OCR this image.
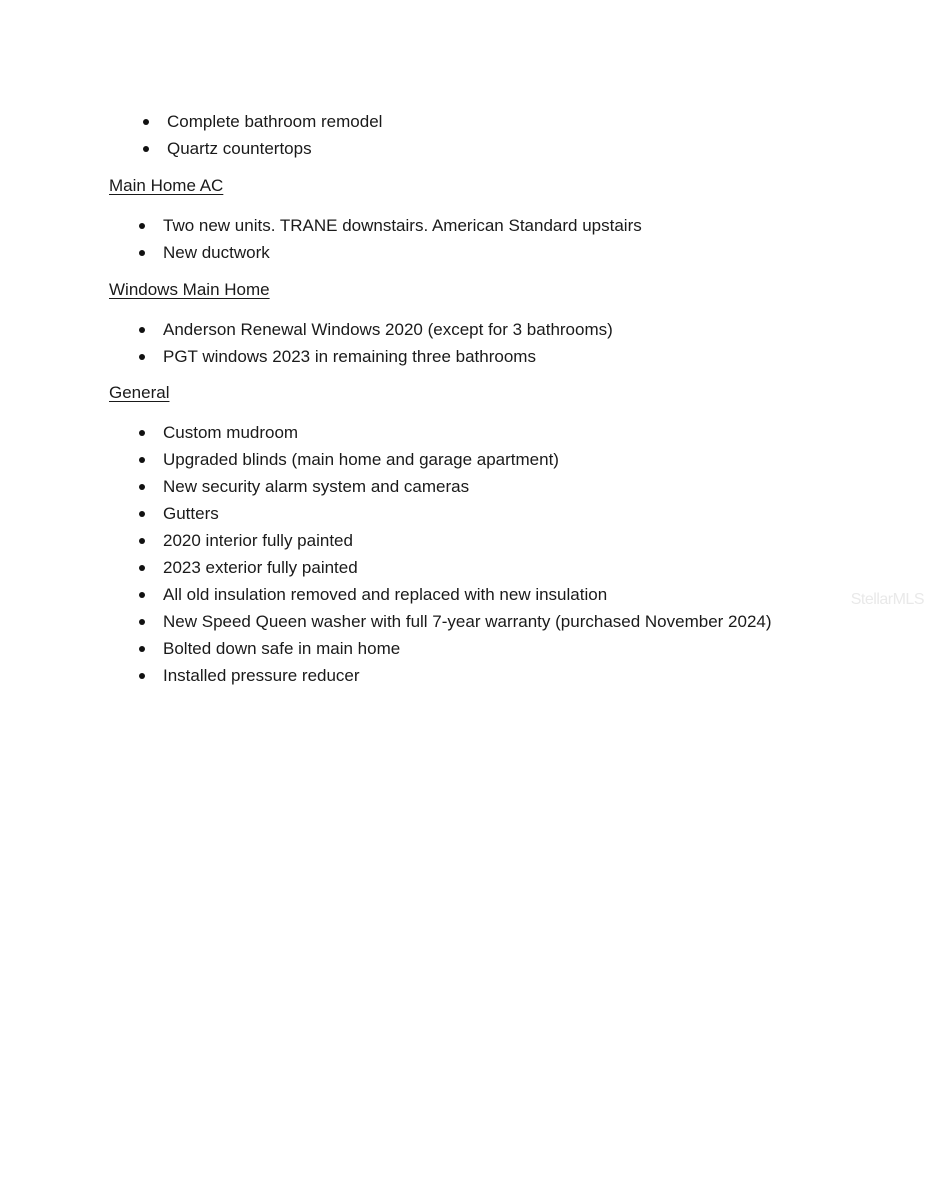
Complete bathroom remodel
Quartz countertops
Main Home AC
Two new units. TRANE downstairs. American Standard upstairs
New ductwork
Windows Main Home
Anderson Renewal Windows 2020 (except for 3 bathrooms)
PGT windows 2023 in remaining three bathrooms
General
Custom mudroom
Upgraded blinds (main home and garage apartment)
New security alarm system and cameras
Gutters
2020 interior fully painted
2023 exterior fully painted
All old insulation removed and replaced with new insulation
New Speed Queen washer with full 7-year warranty (purchased November 2024)
Bolted down safe in main home
Installed pressure reducer
StellarMLS
